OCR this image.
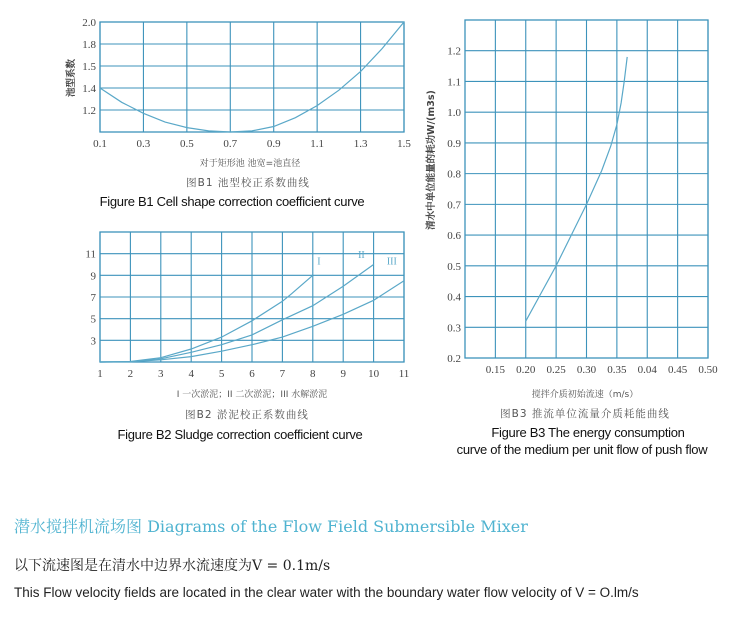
0.1	0.3	0.5	0.7	0.9	1.1	1.3	1.5
2.0
1.8
1.5
1.4
1.2
1 2 3 4 5 6 7 8 9 10 11
11
9
7
5
3
I
II
III
0.15 0.20 0.25 0.30 0.35 0.04 0.45 0.50
1.2
1.1
1.0
0.9
0.8
0.7
0.6
0.5
0.4
0.3
0.2
池型系数
对于矩形池 池宽=池直径
图B1 池型校正系数曲线
Figure B1 Cell shape correction coefficient curve
I 一次淤泥；II 二次淤泥；III 水解淤泥
图B2 淤泥校正系数曲线
Figure B2 Sludge correction coefficient curve
清水中单位能量的耗功W/(m3s)
搅拌介质初始流速（m/s）
图B3 推流单位流量介质耗能曲线
Figure B3 The energy consumption
curve of the medium per unit flow of push flow
潜水搅拌机流场图 Diagrams of the Flow Field Submersible Mixer
以下流速图是在清水中边界水流速度为V = 0.1m/s
This Flow velocity fields are located in the clear water with the boundary water flow velocity of V = O.lm/s
